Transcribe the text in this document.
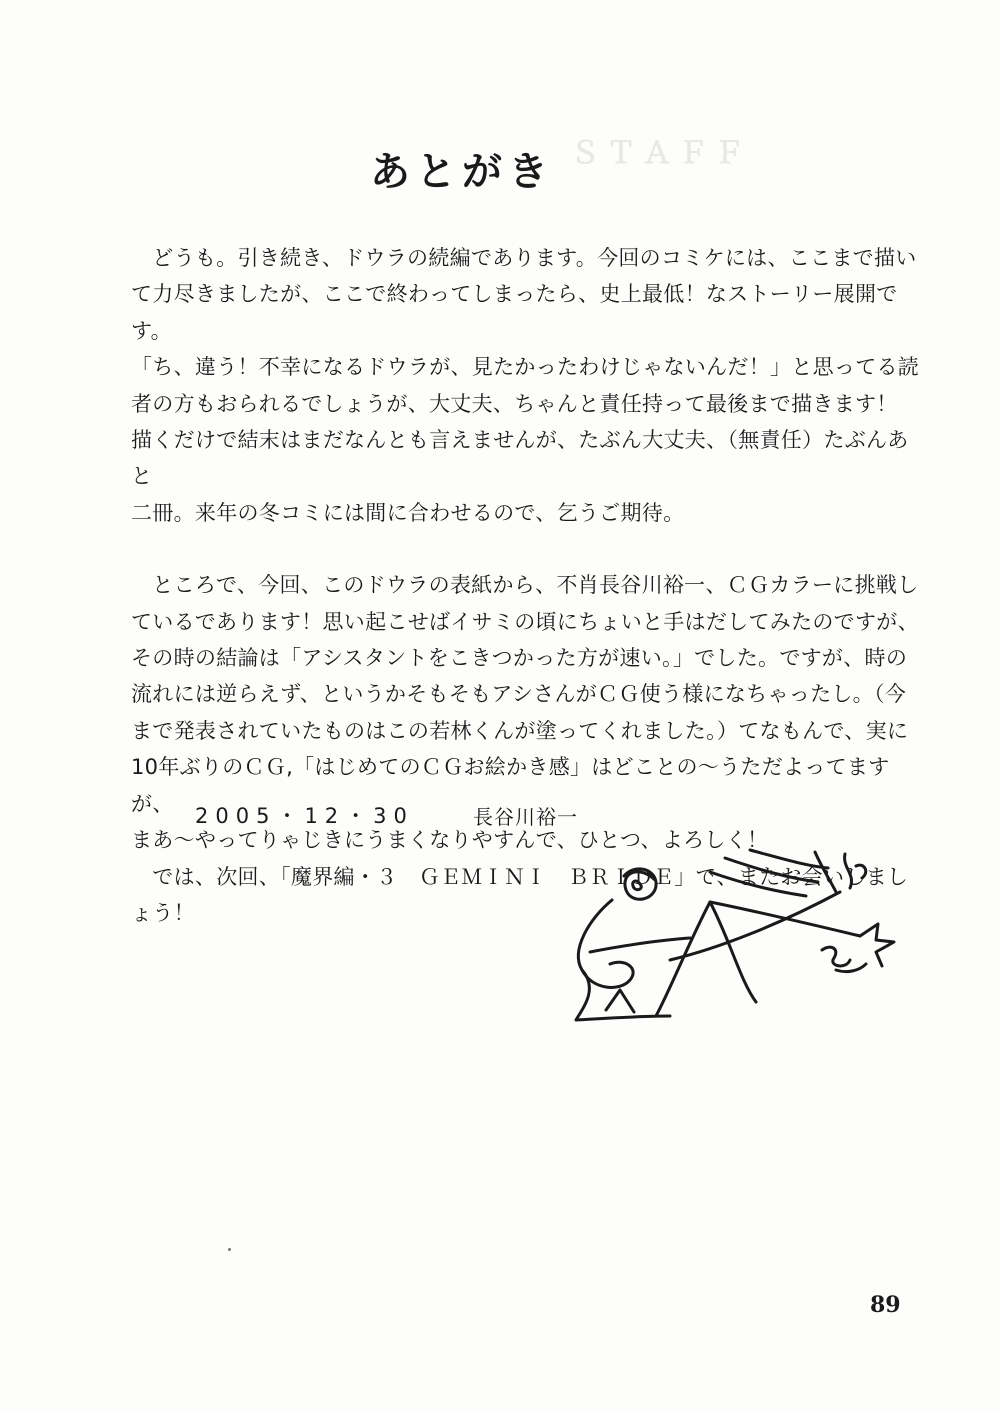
ＳＴＡＦＦ
あとがき

　どうも。引き続き、ドウラの続編であります。今回のコミケには、ここまで描い

て力尽きましたが、ここで終わってしまったら、史上最低！なストーリー展開です。

「ち、違う！不幸になるドウラが、見たかったわけじゃないんだ！」と思ってる読

者の方もおられるでしょうが、大丈夫、ちゃんと責任持って最後まで描きます！

描くだけで結末はまだなんとも言えませんが、たぶん大丈夫、（無責任）たぶんあと

二冊。来年の冬コミには間に合わせるので、乞うご期待。

　ところで、今回、このドウラの表紙から、不肖長谷川裕一、ＣＧカラーに挑戦し

ているであります！思い起こせばイサミの頃にちょいと手はだしてみたのですが、

その時の結論は「アシスタントをこきつかった方が速い。」でした。ですが、時の

流れには逆らえず、というかそもそもアシさんがＣＧ使う様になちゃったし。（今

まで発表されていたものはこの若林くんが塗ってくれました。）てなもんで、実に

10年ぶりのＣＧ,「はじめてのＣＧお絵かき感」はどことの～うただよってますが、

まあ～やってりゃじきにうまくなりやすんで、ひとつ、よろしく！

　では、次回、「魔界編・３　ＧＥＭＩＮＩ　ＢＲＩＤＥ」で、またお会いしましょう！

2005・12・30	長谷川裕一
89
